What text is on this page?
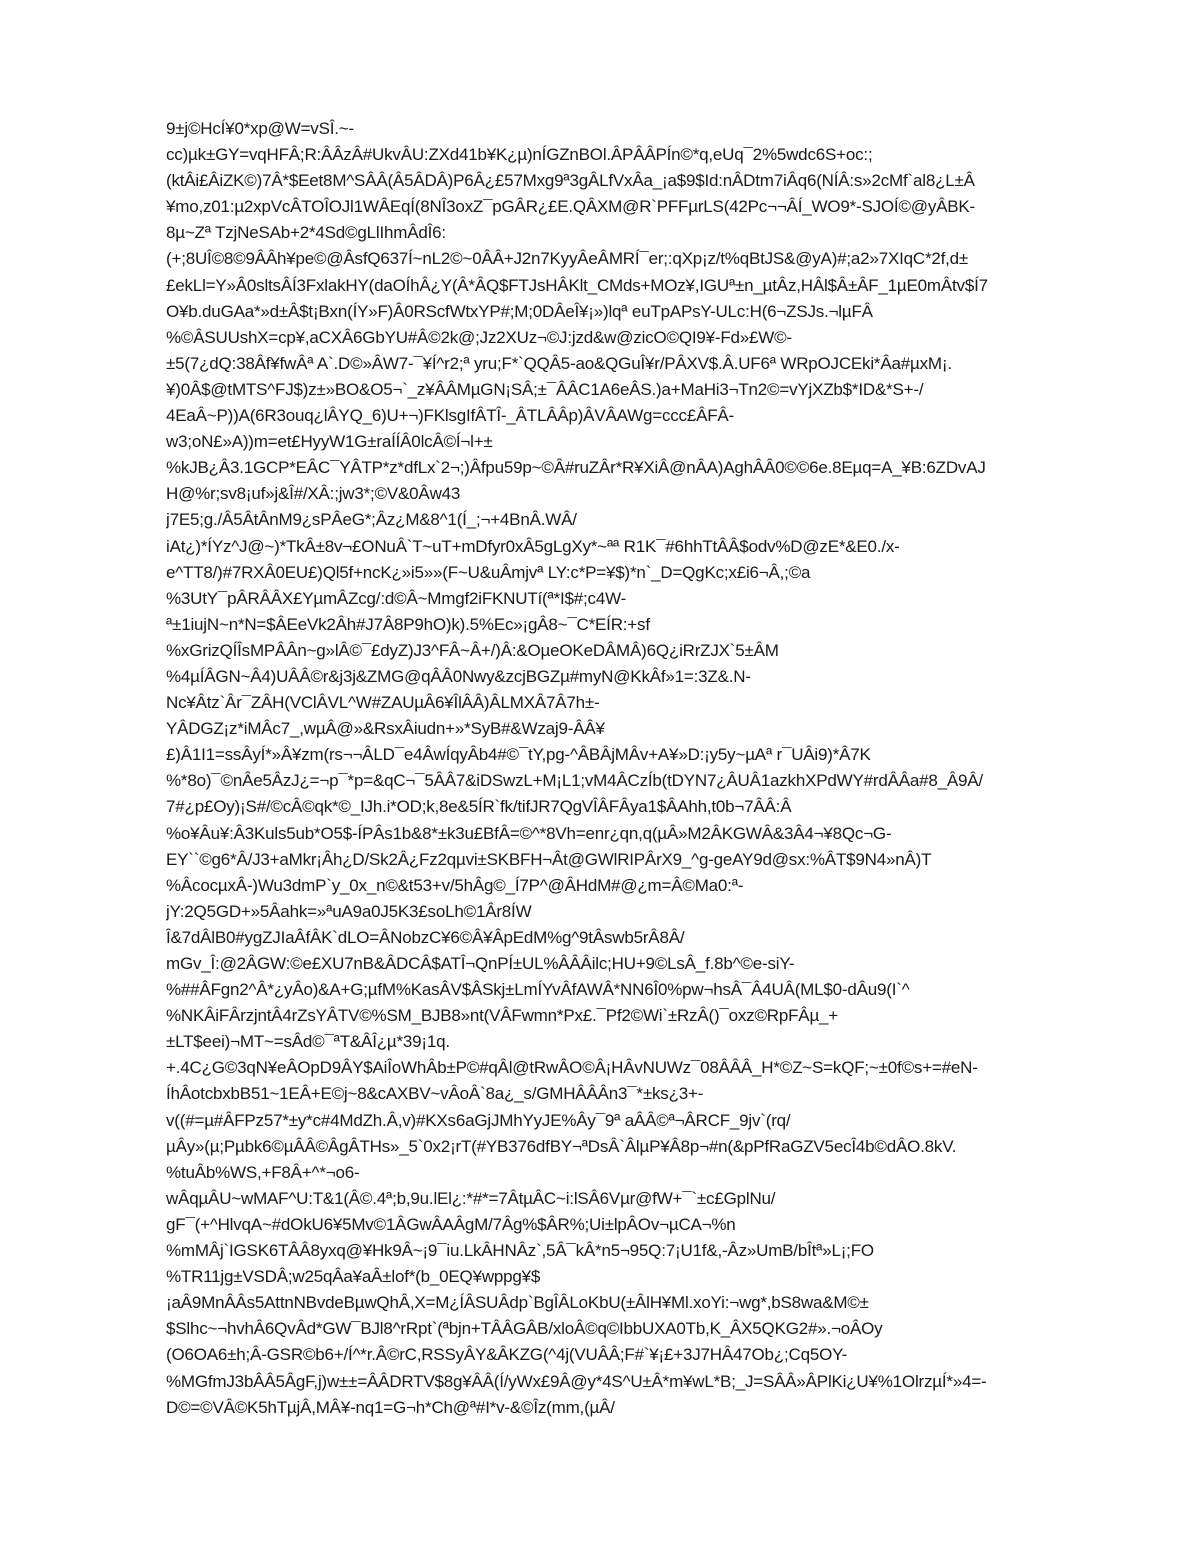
9±j©HcÍ¥0*xp@W=vSÎ.~-
cc)µk±GY=vqHFÂ;R:ÂÂzÂ#UkvÂU:ZXd41b¥K¿µ)nÍGZnBOl.ÂPÂÂPÍn©*q,eUq¯2%5wdc6S+oc:;
(ktÂi£ÂiZK©)7Â*$Eet8M^SÂÂ(Â5ÂDÂ)P6Â¿£57Mxg9ª3gÂLfVxÂa_¡a$9$Id:nÂDtm7iÂq6(NÍÂ:s»2cMf`al8¿L±Â
¥mo,z01:µ2xpVcÂTOÎOJl1WÂEqÍ(8NÎ3oxZ¯pGÂR¿£E.QÂXM@R`PFFµrLS(42Pc¬¬ÂÍ_WO9*-SJOÍ©@yÂBK-
8µ~Zª TzjNeSAb+2*4Sd©gLlIhmÂdÎ6:
(+;8UÎ©8©9ÂÂh¥pe©@ÂsfQ637Í~nL2©~0ÂÂ+J2n7KyyÂeÂMRÍ¯er;:qXp¡z/t%qBtJS&@yA)#;a2»7XIqC*2f,d±
£ekLl=Y»Â0sltsÂÍ3FxlakHY(daOÍhÂ¿Y(Â*ÂQ$FTJsHÂKlt_CMds+MOz¥,IGUª±n_µtÂz,HÂl$Â±ÂF_1µE0mÂtv$Í7
O¥b.duGAa*»d±Â$t¡Bxn(ÍY»F)Â0RScfWtxYP#;M;0DÂeÎ¥¡»)lqª euTpAPsY-ULc:H(6¬ZSJs.¬lµFÂ
%©ÂSUUshX=cp¥,aCXÂ6GbYU#Â©2k@;Jz2XUz¬©J:jzd&w@zicO©QI9¥-Fd»£W©-
±5(7¿dQ:38Âf¥fwÂª A`.D©»ÂW7-¯¥Í^r2;ª yru;F*`QQÂ5-ao&QGuÎ¥r/PÂXV$.Â.UF6ª WRpOJCEki*Âa#µxM¡.
¥)0Â$@tMTS^FJ$)z±»BO&O5¬`_z¥ÂÂMµGN¡SÂ;±¯ÂÂC1A6eÂS.)a+MaHi3¬Tn2©=vYjXZb$*ID&*S+-/
4EaÂ~P))A(6R3ouq¿lÂYQ_6)U+¬)FKlsgIfÂTÎ-_ÂTLÂÂp)ÂVÂAWg=ccc£ÂFÂ-
w3;oN£»A))m=et£HyyW1G±raÍÍÂ0lcÂ©Í¬l+±
%kJB¿Â3.1GCP*EÂC¯YÂTP*z*dfLx`2¬;)Âfpu59p~©Â#ruZÂr*R¥XiÂ@nÂA)AghÂÂ0©©6e.8Eµq=A_¥B:6ZDvAJ
H@%r;sv8¡uf»j&Î#/XÂ:;jw3*;©V&0Âw43
j7E5;g./Â5ÂtÂnM9¿sPÂeG*;Âz¿M&8^1(Í_;¬+4BnÂ.WÂ/
iAt¿)*ÍYz^J@~)*TkÂ±8v¬£ONuÂ`T~uT+mDfyr0xÂ5gLgXy*~ªª R1K¯#6hhTtÂÂ$odv%D@zE*&E0./x-
e^TT8/)#7RXÂ0EU£)Ql5f+ncK¿»i5»»(F~U&uÂmjvª LY:c*P=¥$)*n`_D=QgKc;x£i6¬Â,;©a
%3UtY¯pÂRÂÂX£YµmÂZcg/:d©Â~Mmgf2iFKNUTí(ª*I$#;c4W-
ª±1iujN~n*N=$ÂEeVk2Âh#J7Â8P9hO)k).5%Ec»¡gÂ8~¯C*EÍR:+sf
%xGrizQÍÎsMPÂÂn~g»lÂ©¯£dyZ)J3^FÂ~Â+/)Â:&OµeOKeDÂMÂ)6Q¿iRrZJX`5±ÂM
%4µÍÂGN~Â4)UÂÂ©r&j3j&ZMG@qÂÂ0Nwy&zcjBGZµ#myN@KkÂf»1=:3Z&.N-
Nc¥Âtz`Âr¯ZÂH(VClÂVL^W#ZAUµÂ6¥ÎlÂÂ)ÂLMXÂ7Â7h±-
YÂDGZ¡z*iMÂc7_,wµÂ@»&RsxÂiudn+»*SyB#&Wzaj9-ÂÂ¥
£)Â1I1=ssÂyÍ*»Â¥zm(rs¬¬ÂLD¯e4ÂwÍqyÂb4#©¯tY,pg-^ÂBÂjMÂv+A¥»D:¡y5y~µAª r¯UÂi9)*Â7K
%*8o)¯©nÂe5ÂzJ¿=¬p¯*p=&qC¬¯5ÂÂ7&iDSwzL+M¡L1;vM4ÂCzÍb(tDYN7¿ÂUÂ1azkhXPdWY#rdÂÂa#8_Â9Â/
7#¿p£Oy)¡S#/©cÂ©qk*©_IJh.i*OD;k,8e&5ÍR`fk/tifJR7QgVÎÂFÂya1$ÂAhh,t0b¬7ÂÂ:Â
%o¥Âu¥:Â3Kuls5ub*O5$-ÍPÂs1b&8*±k3u£BfÂ=©^*8Vh=enr¿qn,q(µÂ»M2ÂKGWÂ&3Â4¬¥8Qc¬G-
EY``©g6*Â/J3+aMkr¡Âh¿D/Sk2Â¿Fz2qµvi±SKBFH¬Ât@GWlRIPÂrX9_^g-geAY9d@sx:%ÂT$9N4»nÂ)T
%ÂcocµxÂ-)Wu3dmP`y_0x_n©&t53+v/5hÂg©_Í7P^@ÂHdM#@¿m=Â©Ma0:ª-
jY:2Q5GD+»5Âahk=»ªuA9a0J5K3£soLh©1Âr8ÍW
Î&7dÂlB0#ygZJIaÂfÂK`dLO=ÂNobzC¥6©Â¥ÂpEdM%g^9tÂswb5rÂ8Â/
mGv_Î:@2ÂGW:©e£XU7nB&ÂDCÂ$ATÎ¬QnPÍ±UL%ÂÂÂilc;HU+9©LsÂ_f.8b^©e-siY-
%##ÂFgn2^Â*¿yÂo)&A+G;µfM%KasÂV$ÂSkj±LmÍYvÂfAWÂ*NN6Î0%pw¬hsÂ¯Â4UÂ(ML$0-dÂu9(I`^
%NKÂiFÂrzjntÂ4rZsYÂTV©%SM_BJB8»nt(VÂFwmn*Px£.¯Pf2©Wi`±RzÂ()¯oxz©RpFÂµ_+
±LT$eei)¬MT~=sÂd©¯ªT&ÂÎ¿µ*39¡1q.
+.4C¿G©3qN¥eÂOpD9ÂY$AiÎoWhÂb±P©#qÂl@tRwÂO©Â¡HÂvNUWz¯08ÂÂÂ_H*©Z~S=kQF;~±0f©s+=#eN-
ÍhÂotcbxbB51~1EÂ+E©j~8&cAXBV~vÂoÂ`8a¿_s/GMHÂÂÂn3¯*±ks¿3+-
v((#=µ#ÂFPz57*±y*c#4MdZh.Â,v)#KXs6aGjJMhYyJE%Ây¯9ª aÂÂ©ª¬ÂRCF_9jv`(rq/
µÂy»(µ;Pµbk6©µÂÂ©ÂgÂTHs»_5`0x2¡rT(#YB376dfBY¬ªDsÂ`ÂlµP¥Â8p¬#n(&pPfRaGZV5ecÎ4b©dÂO.8kV.
%tuÂb%WS,+F8Â+^*¬o6-
wÂqµÂU~wMAF^U:T&1(Â©.4ª;b,9u.lEl¿:*#*=7ÂtµÂC~i:lSÂ6Vµr@fW+¯`±c£GplNu/
gF¯(+^HlvqA~#dOkU6¥5Mv©1ÂGwÂAÂgM/7Âg%$ÂR%;Ui±lpÂOv¬µCA¬%n
%mMÂj`IGSK6TÂÂ8yxq@¥Hk9Â~¡9¯iu.LkÂHNÂz`,5Â¯kÂ*n5¬95Q:7¡U1f&,-Âz»UmB/bÎtª»L¡;FO
%TR11jg±VSDÂ;w25qÂa¥aÂ±lof*(b_0EQ¥wppg¥$
¡aÂ9MnÂÂs5AttnNBvdeBµwQhÂ,X=M¿ÍÂSUÂdp`BgÎÂLoKbU(±ÂlH¥Ml.xoYi:¬wg*,bS8wa&M©±
$Slhc~¬hvhÂ6QvÂd*GW¯BJl8^rRpt`(ªbjn+TÂÂGÂB/xloÂ©q©IbbUXA0Tb,K_ÂX5QKG2#».¬oÂOy
(O6OA6±h;Â-GSR©b6+/Í^*r.Â©rC,RSSyÂY&ÂKZG(^4j(VUÂÂ;F#`¥¡£+3J7HÂ47Ob¿;Cq5OY-
%MGfmJ3bÂÂ5ÂgF,j)w±±=ÂÂDRTV$8g¥ÂÂ(Í/yWx£9Â@y*4S^U±Â*m¥wL*B;_J=SÂÂ»ÂPlKi¿U¥%1OlrzµÍ*»4=-
D©=©VÂ©K5hTµjÂ,MÂ¥-nq1=G¬h*Ch@ª#I*v-&©Îz(mm,(µÂ/
